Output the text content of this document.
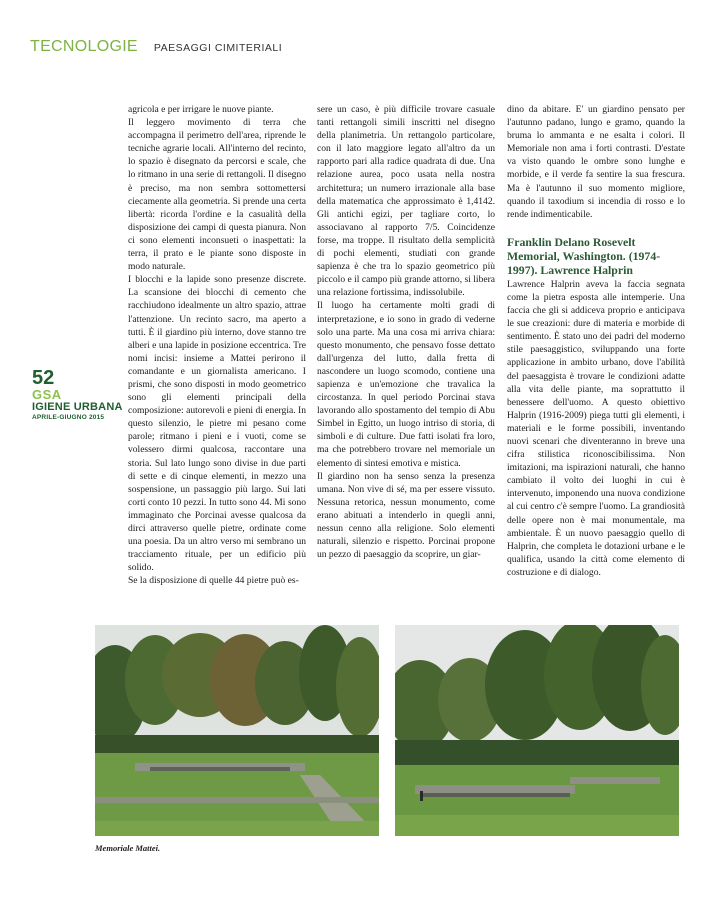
TECNOLOGIE PAESAGGI CIMITERIALI
52
GSA
IGIENE URBANA
APRILE-GIUGNO 2015

agricola e per irrigare le nuove piante.

Il leggero movimento di terra che accompagna il perimetro dell'area, riprende le tecniche agrarie locali. All'interno del recinto, lo spazio è disegnato da percorsi e scale, che lo ritmano in una serie di rettangoli. Il disegno è preciso, ma non sembra sottomettersi ciecamente alla geometria. Si prende una certa libertà: ricorda l'ordine e la casualità della disposizione dei campi di questa pianura. Non ci sono elementi inconsueti o inaspettati: la terra, il prato e le piante sono disposte in modo naturale.

I blocchi e la lapide sono presenze discrete. La scansione dei blocchi di cemento che racchiudono idealmente un altro spazio, attrae l'attenzione. Un recinto sacro, ma aperto a tutti. È il giardino più interno, dove stanno tre alberi e una lapide in posizione eccentrica. Tre nomi incisi: insieme a Mattei perirono il comandante e un giornalista americano. I prismi, che sono disposti in modo geometrico sono gli elementi principali della composizione: autorevoli e pieni di energia. In questo silenzio, le pietre mi pesano come parole; ritmano i pieni e i vuoti, come se volessero dirmi qualcosa, raccontare una storia. Sul lato lungo sono divise in due parti di sette e di cinque elementi, in mezzo una sospensione, un passaggio più largo. Sui lati corti conto 10 pezzi. In tutto sono 44. Mi sono immaginato che Porcinai avesse qualcosa da dirci attraverso quelle pietre, ordinate come una poesia. Da un altro verso mi sembrano un tracciamento rituale, per un edificio più solido.

Se la disposizione di quelle 44 pietre può es-

sere un caso, è più difficile trovare casuale tanti rettangoli simili inscritti nel disegno della planimetria. Un rettangolo particolare, con il lato maggiore legato all'altro da un rapporto pari alla radice quadrata di due. Una relazione aurea, poco usata nella nostra architettura; un numero irrazionale alla base della matematica che approssimato è 1,4142. Gli antichi egizi, per tagliare corto, lo associavano al rapporto 7/5. Coincidenze forse, ma troppe. Il risultato della semplicità di pochi elementi, studiati con grande sapienza è che tra lo spazio geometrico più piccolo e il campo più grande attorno, si libera una relazione fortissima, indissolubile.

Il luogo ha certamente molti gradi di interpretazione, e io sono in grado di vederne solo una parte. Ma una cosa mi arriva chiara: questo monumento, che pensavo fosse dettato dall'urgenza del lutto, dalla fretta di nascondere un luogo scomodo, contiene una sapienza e un'emozione che travalica la circostanza. In quel periodo Porcinai stava lavorando allo spostamento del tempio di Abu Simbel in Egitto, un luogo intriso di storia, di simboli e di culture. Due fatti isolati fra loro, ma che potrebbero trovare nel memoriale un elemento di sintesi emotiva e mistica.

Il giardino non ha senso senza la presenza umana. Non vive di sé, ma per essere vissuto. Nessuna retorica, nessun monumento, come erano abituati a intenderlo in quegli anni, nessun cenno alla religione. Solo elementi naturali, silenzio e rispetto. Porcinai propone un pezzo di paesaggio da scoprire, un giar-

dino da abitare. E' un giardino pensato per l'autunno padano, lungo e gramo, quando la bruma lo ammanta e ne esalta i colori. Il Memoriale non ama i forti contrasti. D'estate va visto quando le ombre sono lunghe e morbide, e il verde fa sentire la sua frescura. Ma è l'autunno il suo momento migliore, quando il taxodium si incendia di rosso e lo rende indimenticabile.

Franklin Delano Rosevelt Memorial, Washington. (1974-1997). Lawrence Halprin

Lawrence Halprin aveva la faccia segnata come la pietra esposta alle intemperie. Una faccia che gli si addiceva proprio e anticipava le sue creazioni: dure di materia e morbide di sentimento. È stato uno dei padri del moderno stile paesaggistico, sviluppando una forte applicazione in ambito urbano, dove l'abilità del paesaggista è trovare le condizioni adatte alla vita delle piante, ma soprattutto il benessere dell'uomo. A questo obiettivo Halprin (1916-2009) piega tutti gli elementi, i materiali e le forme possibili, inventando nuovi scenari che diventeranno in breve una cifra stilistica riconoscibilissima. Non imitazioni, ma ispirazioni naturali, che hanno cambiato il volto dei luoghi in cui è intervenuto, imponendo una nuova condizione al cui centro c'è sempre l'uomo. La grandiosità delle opere non è mai monumentale, ma ambientale. È un nuovo paesaggio quello di Halprin, che completa le dotazioni urbane e le qualifica, usando la città come elemento di costruzione e di dialogo.

Memoriale Mattei.
